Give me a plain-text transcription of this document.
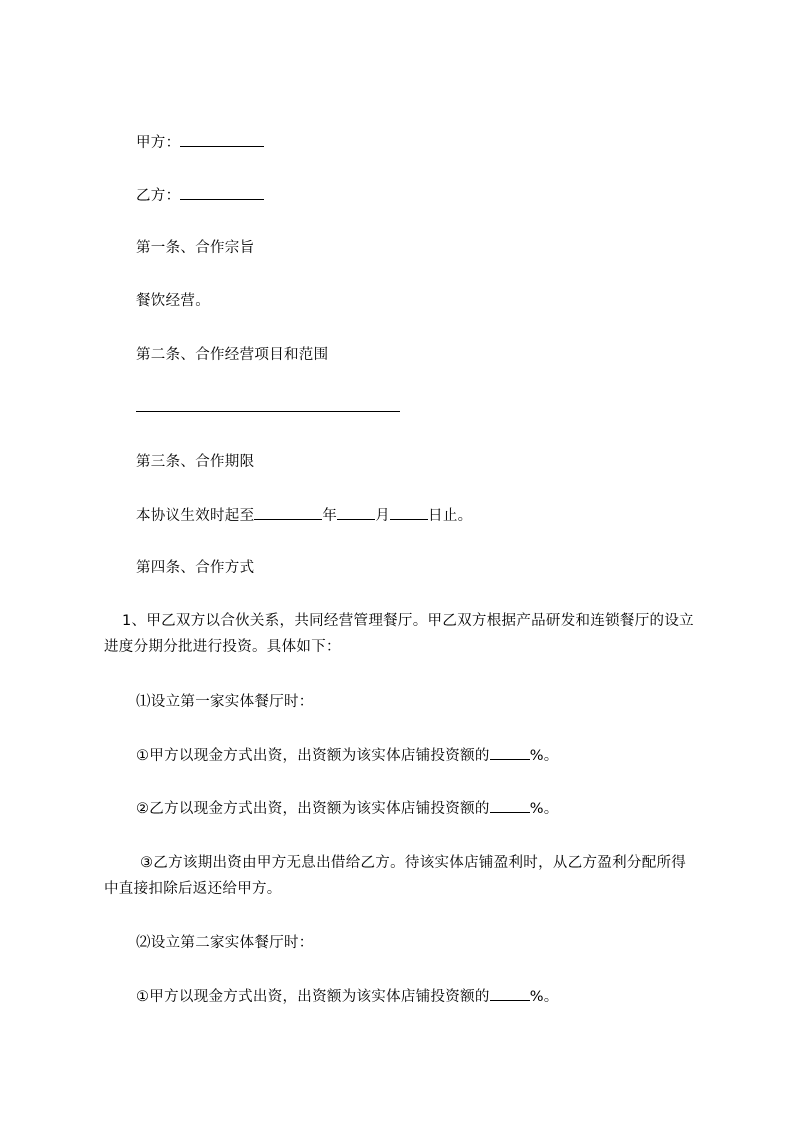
甲方：
乙方：
第一条、合作宗旨
餐饮经营。
第二条、合作经营项目和范围
第三条、合作期限
本协议生效时起至	年	月	日止。
第四条、合作方式
1、甲乙双方以合伙关系，共同经营管理餐厅。甲乙双方根据产品研发和连锁餐厅的设立进度分期分批进行投资。具体如下：
⑴设立第一家实体餐厅时：
①甲方以现金方式出资，出资额为该实体店铺投资额的	%。
②乙方以现金方式出资，出资额为该实体店铺投资额的	%。
③乙方该期出资由甲方无息出借给乙方。待该实体店铺盈利时，从乙方盈利分配所得中直接扣除后返还给甲方。
⑵设立第二家实体餐厅时：
①甲方以现金方式出资，出资额为该实体店铺投资额的	%。
